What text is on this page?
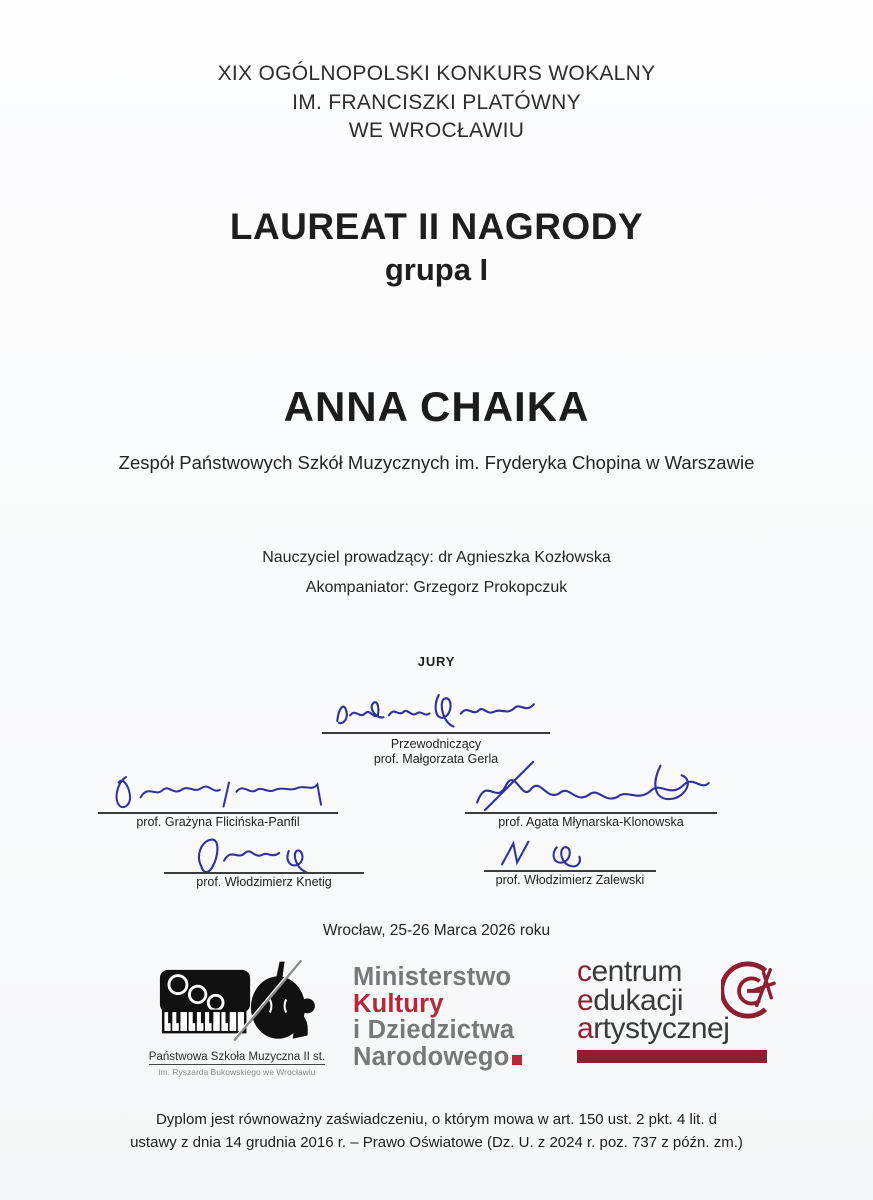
XIX OGÓLNOPOLSKI KONKURS WOKALNY
IM. FRANCISZKI PLATÓWNY
WE WROCŁAWIU
LAUREAT II NAGRODY
grupa I
ANNA CHAIKA
Zespół Państwowych Szkół Muzycznych im. Fryderyka Chopina w Warszawie
Nauczyciel prowadzący: dr Agnieszka Kozłowska
Akompaniator: Grzegorz Prokopczuk
JURY
Przewodniczący
prof. Małgorzata Gerla
prof. Grażyna Flicińska-Panfil	prof. Agata Młynarska-Klonowska
prof. Włodzimierz Knetig	prof. Włodzimierz Zalewski
Wrocław, 25-26 Marca 2026 roku
Państwowa Szkoła Muzyczna II st.
im. Ryszarda Bukowskiego we Wrocławiu
Ministerstwo
Kultury
i Dziedzictwa
Narodowego
centrum
edukacji
artystycznej
Dyplom jest równoważny zaświadczeniu, o którym mowa w art. 150 ust. 2 pkt. 4 lit. d
ustawy z dnia 14 grudnia 2016 r. – Prawo Oświatowe (Dz. U. z 2024 r. poz. 737 z późn. zm.)
